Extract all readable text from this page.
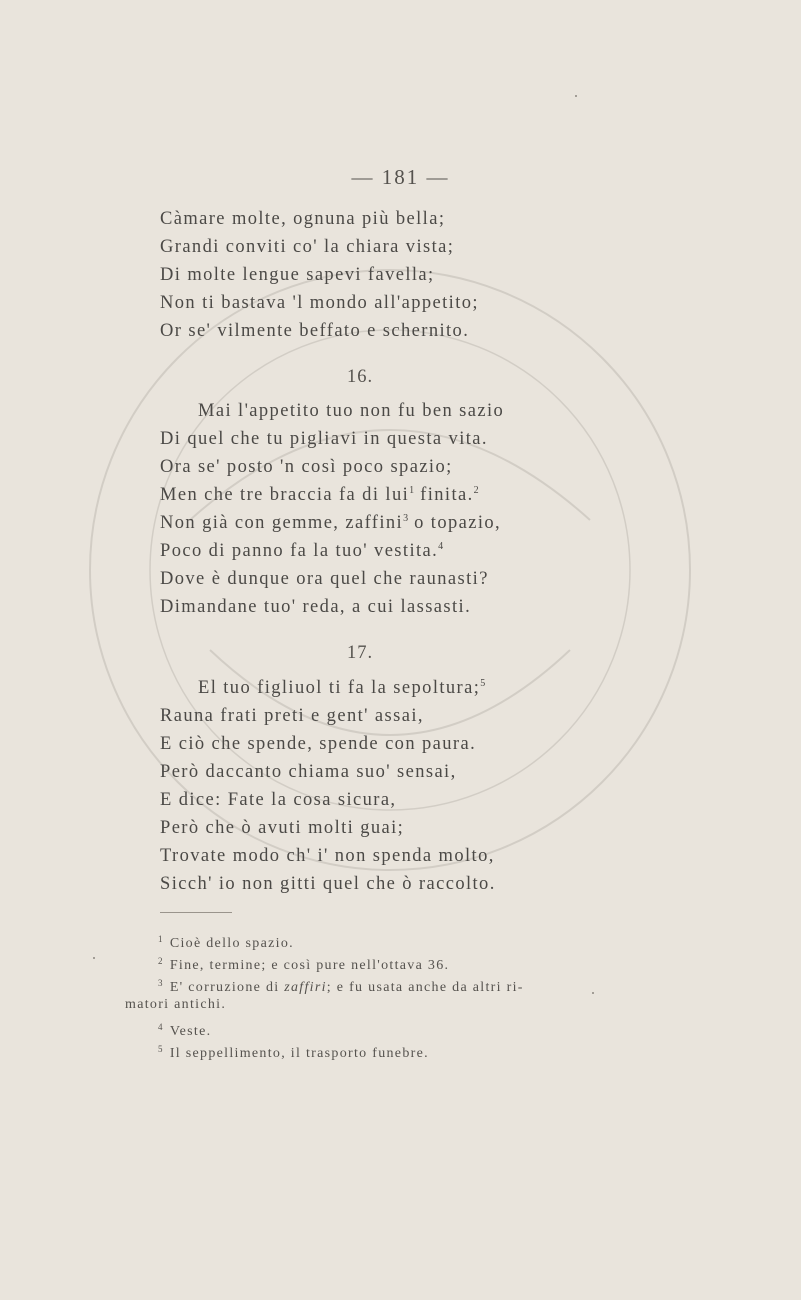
— 181 —
Càmare molte, ognuna più bella;
Grandi conviti co' la chiara vista;
Di molte lengue sapevi favella;
Non ti bastava 'l mondo all'appetito;
Or se' vilmente beffato e schernito.
16.
Mai l'appetito tuo non fu ben sazio
Di quel che tu pigliavi in questa vita.
Ora se' posto 'n così poco spazio;
Men che tre braccia fa di lui$^1$ finita.$^2$
Non già con gemme, zaffini$^3$ o topazio,
Poco di panno fa la tuo' vestita.$^4$
Dove è dunque ora quel che raunasti?
Dimandane tuo' reda, a cui lassasti.
17.
El tuo figliuol ti fa la sepoltura;$^5$
Rauna frati preti e gent' assai,
E ciò che spende, spende con paura.
Però daccanto chiama suo' sensai,
E dice: Fate la cosa sicura,
Però che ò avuti molti guai;
Trovate modo ch' i' non spenda molto,
Sicch' io non gitti quel che ò raccolto.
$^1$ Cioè dello spazio.
$^2$ Fine, termine; e così pure nell'ottava 36.
$^3$ E' corruzione di zaffiri; e fu usata anche da altri ri-
matori antichi.
$^4$ Veste.
$^5$ Il seppellimento, il trasporto funebre.
